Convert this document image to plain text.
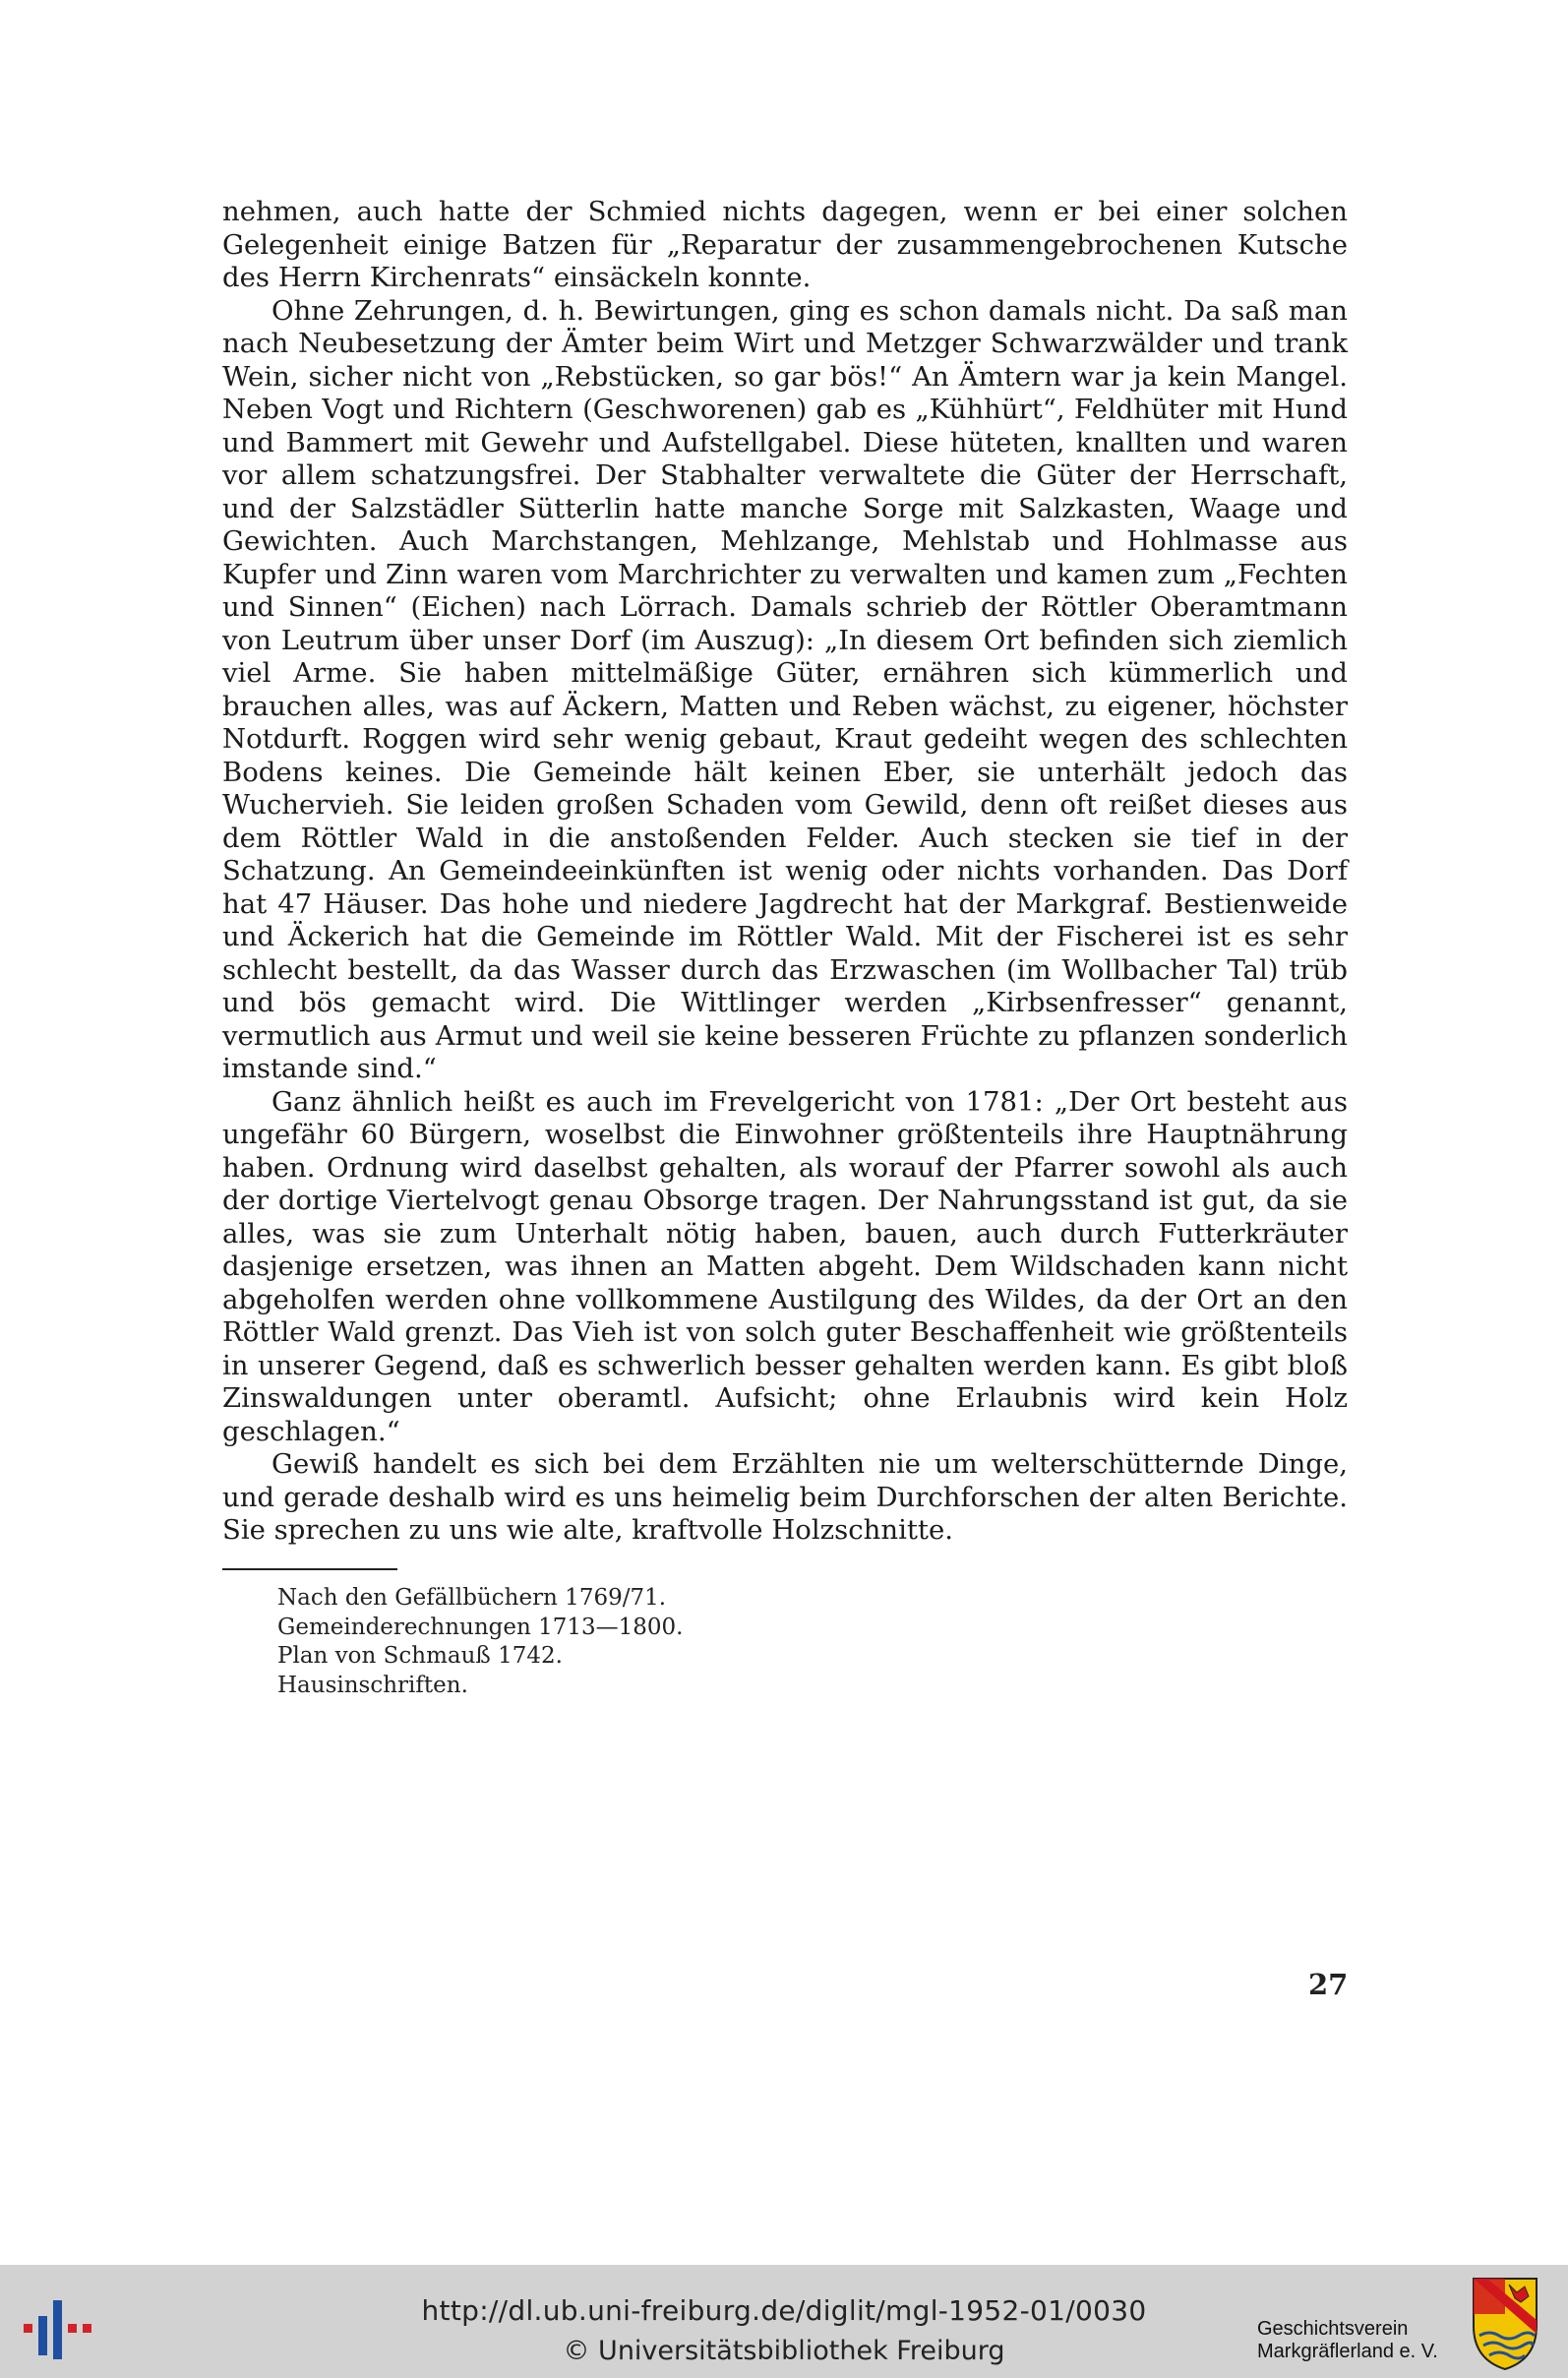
nehmen, auch hatte der Schmied nichts dagegen, wenn er bei einer solchen Gelegenheit einige Batzen für „Reparatur der zusammengebrochenen Kutsche des Herrn Kirchenrats“ einsäckeln konnte.

Ohne Zehrungen, d. h. Bewirtungen, ging es schon damals nicht. Da saß man nach Neubesetzung der Ämter beim Wirt und Metzger Schwarzwälder und trank Wein, sicher nicht von „Rebstücken, so gar bös!“ An Ämtern war ja kein Mangel. Neben Vogt und Richtern (Geschworenen) gab es „Kühhürt“, Feldhüter mit Hund und Bammert mit Gewehr und Aufstellgabel. Diese hüteten, knallten und waren vor allem schatzungsfrei. Der Stabhalter verwaltete die Güter der Herrschaft, und der Salzstädler Sütterlin hatte manche Sorge mit Salzkasten, Waage und Gewichten. Auch Marchstangen, Mehlzange, Mehlstab und Hohlmasse aus Kupfer und Zinn waren vom Marchrichter zu verwalten und kamen zum „Fechten und Sinnen“ (Eichen) nach Lörrach. Damals schrieb der Röttler Oberamtmann von Leutrum über unser Dorf (im Auszug): „In diesem Ort befinden sich ziemlich viel Arme. Sie haben mittelmäßige Güter, ernähren sich kümmerlich und brauchen alles, was auf Äckern, Matten und Reben wächst, zu eigener, höchster Notdurft. Roggen wird sehr wenig gebaut, Kraut gedeiht wegen des schlechten Bodens keines. Die Gemeinde hält keinen Eber, sie unterhält jedoch das Wuchervieh. Sie leiden großen Schaden vom Gewild, denn oft reißet dieses aus dem Röttler Wald in die anstoßenden Felder. Auch stecken sie tief in der Schatzung. An Gemeindeeinkünften ist wenig oder nichts vorhanden. Das Dorf hat 47 Häuser. Das hohe und niedere Jagdrecht hat der Markgraf. Bestienweide und Äckerich hat die Gemeinde im Röttler Wald. Mit der Fischerei ist es sehr schlecht bestellt, da das Wasser durch das Erzwaschen (im Wollbacher Tal) trüb und bös gemacht wird. Die Wittlinger werden „Kirbsenfresser“ genannt, vermutlich aus Armut und weil sie keine besseren Früchte zu pflanzen sonderlich imstande sind.“

Ganz ähnlich heißt es auch im Frevelgericht von 1781: „Der Ort besteht aus ungefähr 60 Bürgern, woselbst die Einwohner größtenteils ihre Hauptnährung haben. Ordnung wird daselbst gehalten, als worauf der Pfarrer sowohl als auch der dortige Viertelvogt genau Obsorge tragen. Der Nahrungsstand ist gut, da sie alles, was sie zum Unterhalt nötig haben, bauen, auch durch Futterkräuter dasjenige ersetzen, was ihnen an Matten abgeht. Dem Wildschaden kann nicht abgeholfen werden ohne vollkommene Austilgung des Wildes, da der Ort an den Röttler Wald grenzt. Das Vieh ist von solch guter Beschaffenheit wie größtenteils in unserer Gegend, daß es schwerlich besser gehalten werden kann. Es gibt bloß Zinswaldungen unter oberamtl. Aufsicht; ohne Erlaubnis wird kein Holz geschlagen.“

Gewiß handelt es sich bei dem Erzählten nie um welterschütternde Dinge, und gerade deshalb wird es uns heimelig beim Durchforschen der alten Berichte. Sie sprechen zu uns wie alte, kraftvolle Holzschnitte.

Nach den Gefällbüchern 1769/71.
Gemeinderechnungen 1713—1800.
Plan von Schmauß 1742.
Hausinschriften.
27
http://dl.ub.uni-freiburg.de/diglit/mgl-1952-01/0030
© Universitätsbibliothek Freiburg
Geschichtsverein
Markgräflerland e. V.
